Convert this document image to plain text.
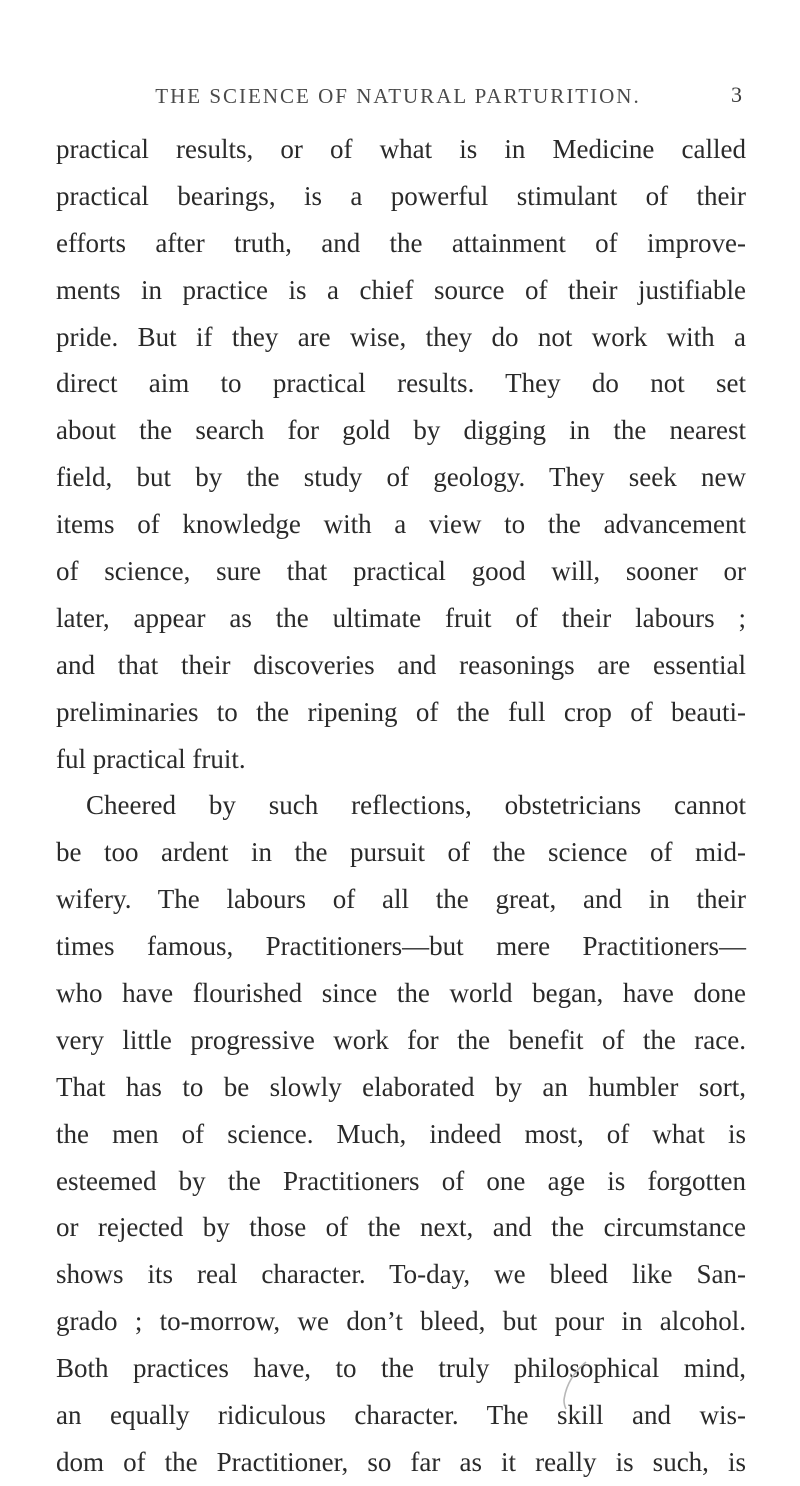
THE SCIENCE OF NATURAL PARTURITION.	3
practical results, or of what is in Medicine called
practical bearings, is a powerful stimulant of their
efforts after truth, and the attainment of improve-
ments in practice is a chief source of their justifiable
pride. But if they are wise, they do not work with a
direct aim to practical results. They do not set
about the search for gold by digging in the nearest
field, but by the study of geology. They seek new
items of knowledge with a view to the advancement
of science, sure that practical good will, sooner or
later, appear as the ultimate fruit of their labours ;
and that their discoveries and reasonings are essential
preliminaries to the ripening of the full crop of beauti-
ful practical fruit.
Cheered by such reflections, obstetricians cannot
be too ardent in the pursuit of the science of mid-
wifery. The labours of all the great, and in their
times famous, Practitioners—but mere Practitioners—
who have flourished since the world began, have done
very little progressive work for the benefit of the race.
That has to be slowly elaborated by an humbler sort,
the men of science. Much, indeed most, of what is
esteemed by the Practitioners of one age is forgotten
or rejected by those of the next, and the circumstance
shows its real character. To-day, we bleed like San-
grado ; to-morrow, we don’t bleed, but pour in alcohol.
Both practices have, to the truly philosophical mind,
an equally ridiculous character. The skill and wis-
dom of the Practitioner, so far as it really is such, is
